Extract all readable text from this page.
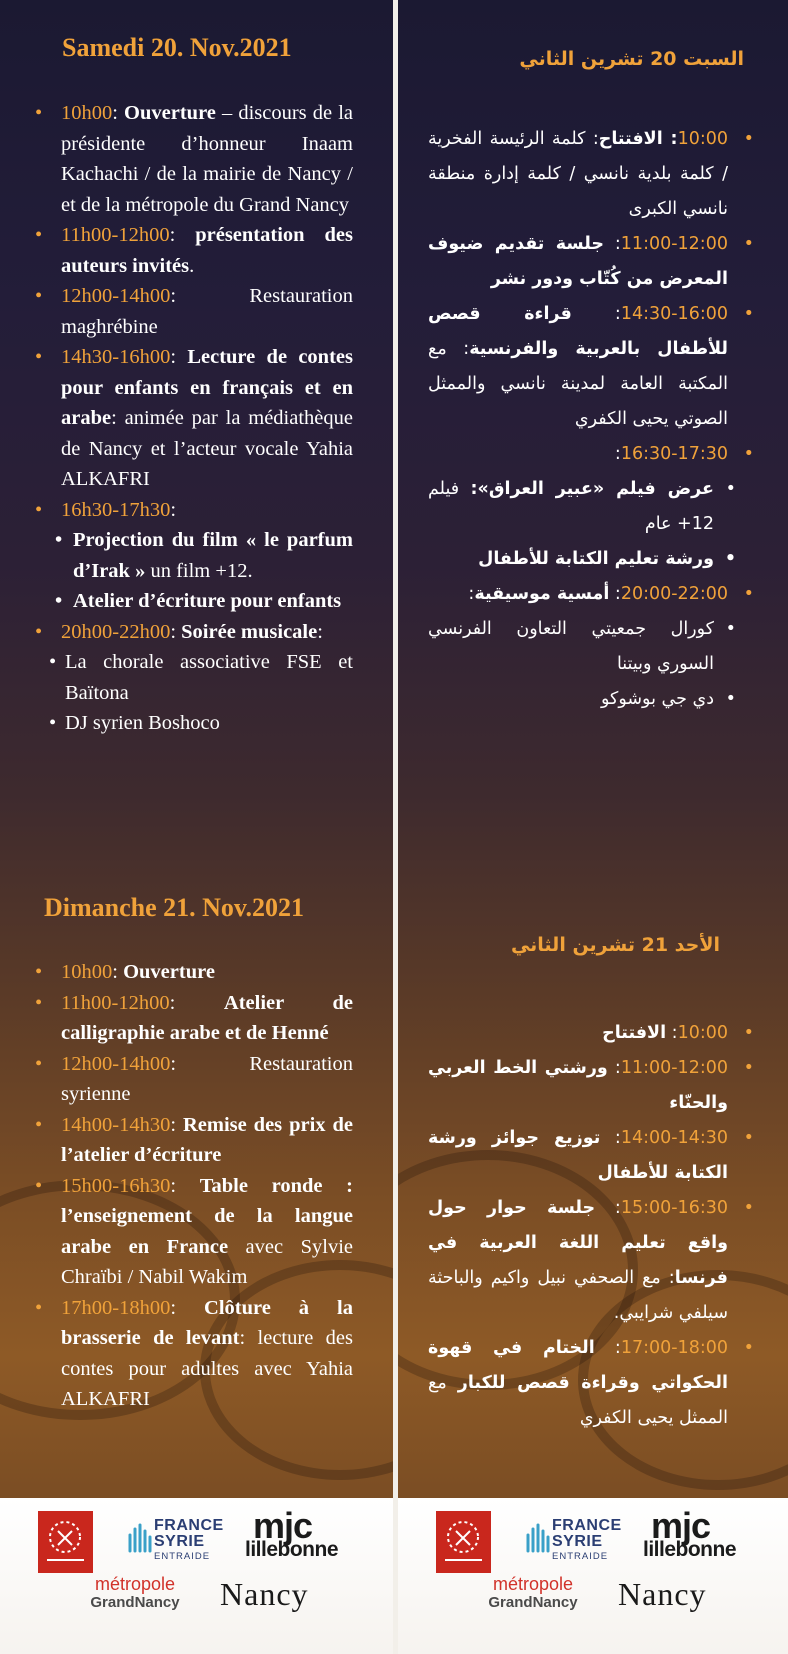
Samedi 20. Nov.2021
• 10h00: Ouverture – discours de la présidente d’honneur Inaam Kachachi / de la mairie de Nancy / et de la métropole du Grand Nancy
• 11h00-12h00: présentation des auteurs invités.
• 12h00-14h00: Restauration maghrébine
• 14h30-16h00: Lecture de contes pour enfants en français et en arabe: animée par la médiathèque de Nancy et l’acteur vocale Yahia ALKAFRI
• 16h30-17h30:
• Projection du film « le parfum d’Irak » un film +12.
• Atelier d’écriture pour enfants
• 20h00-22h00: Soirée musicale:
• La chorale associative FSE et Baïtona
• DJ syrien Boshoco
Dimanche 21. Nov.2021
• 10h00: Ouverture
• 11h00-12h00: Atelier de calligraphie arabe et de Henné
• 12h00-14h00: Restauration syrienne
• 14h00-14h30: Remise des prix de l’atelier d’écriture
• 15h00-16h30: Table ronde : l’enseignement de la langue arabe en France avec Sylvie Chraïbi / Nabil Wakim
• 17h00-18h00: Clôture à la brasserie de levant: lecture des contes pour adultes avec Yahia ALKAFRI
FRANCE
SYRIE
ENTRAIDE
mjc
lillebonne
métropole
GrandNancy	Nancy
السبت 20 تشرين الثاني
• 10:00: الافتتاح: كلمة الرئيسة الفخرية / كلمة بلدية نانسي / كلمة إدارة منطقة نانسي الكبرى
• 11:00-12:00: جلسة تقديم ضيوف المعرض من كُتّاب ودور نشر
• 14:30-16:00: قراءة قصص للأطفال بالعربية والفرنسية: مع المكتبة العامة لمدينة نانسي والممثل الصوتي يحيى الكفري
• 16:30-17:30:
• عرض فيلم «عبير العراق»: فيلم 12+ عام
• ورشة تعليم الكتابة للأطفال
• 20:00-22:00: أمسية موسيقية:
• كورال جمعيتي التعاون الفرنسي السوري وبيتنا
• دي جي بوشوكو
الأحد 21 تشرين الثاني
• 10:00: الافتتاح
• 11:00-12:00: ورشتي الخط العربي والحنّاء
• 14:00-14:30: توزيع جوائز ورشة الكتابة للأطفال
• 15:00-16:30: جلسة حوار حول واقع تعليم اللغة العربية في فرنسا: مع الصحفي نبيل واكيم والباحثة سيلفي شرايبي.
• 17:00-18:00: الختام في قهوة الحكواتي وقراءة قصص للكبار مع الممثل يحيى الكفري
FRANCE
SYRIE
ENTRAIDE
mjc
lillebonne
métropole
GrandNancy	Nancy
